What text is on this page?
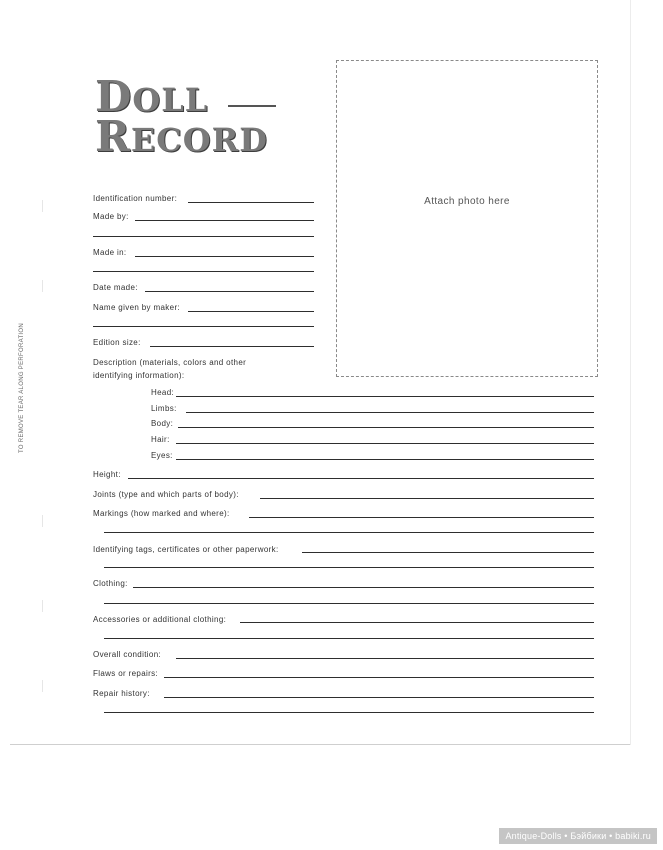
DOLL
RECORD
Attach photo here
TO REMOVE TEAR ALONG PERFORATION
Identification number:
Made by:
Made in:
Date made:
Name given by maker:
Edition size:
Description (materials, colors and other
identifying information):
Head:
Limbs:
Body:
Hair:
Eyes:
Height:
Joints (type and which parts of body):
Markings (how marked and where):
Identifying tags, certificates or other paperwork:
Clothing:
Accessories or additional clothing:
Overall condition:
Flaws or repairs:
Repair history:
Antique-Dolls • Бэйбики • babiki.ru
